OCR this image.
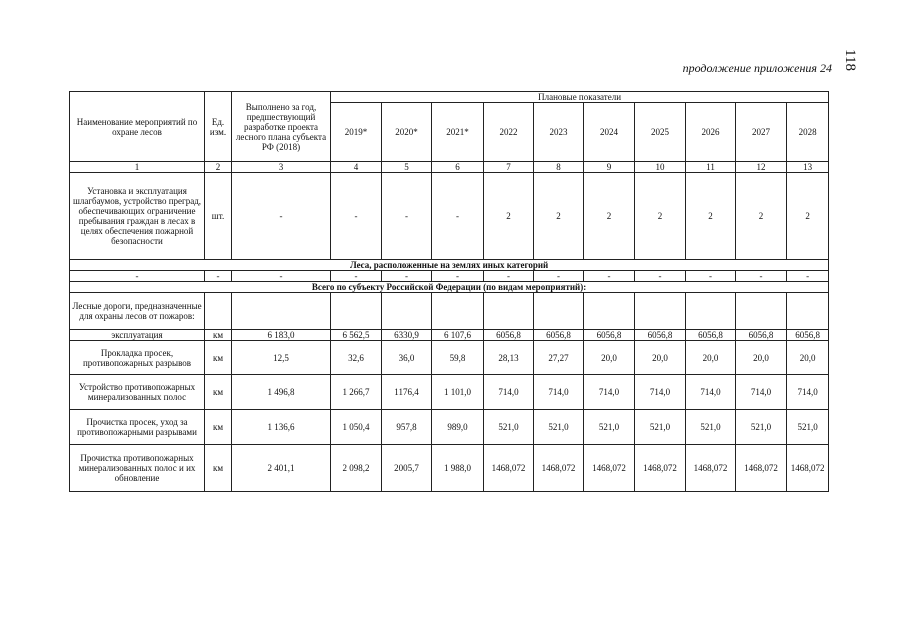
118
продолжение приложения 24
Наименование мероприятий по охране лесов	Ед. изм.	Выполнено за год, предшествующий разработке проекта лесного плана субъекта РФ (2018)	Плановые показатели									
			2019*	2020*	2021*	2022	2023	2024	2025	2026	2027	2028
1	2	3	4	5	6	7	8	9	10	11	12	13
Установка и эксплуатация шлагбаумов, устройство преград, обеспечивающих ограничение пребывания граждан в лесах в целях обеспечения пожарной безопасности	шт.	-	-	-	-	2	2	2	2	2	2	2
Леса, расположенные на землях иных категорий												
-	-	-	-	-	-	-	-	-	-	-	-	-
Всего по субъекту Российской Федерации (по видам мероприятий):												
Лесные дороги, предназначенные для охраны лесов от пожаров:												
эксплуатация	км	6 183,0	6 562,5	6330,9	6 107,6	6056,8	6056,8	6056,8	6056,8	6056,8	6056,8	6056,8
Прокладка просек, противопожарных разрывов	км	12,5	32,6	36,0	59,8	28,13	27,27	20,0	20,0	20,0	20,0	20,0
Устройство противопожарных минерализованных полос	км	1 496,8	1 266,7	1176,4	1 101,0	714,0	714,0	714,0	714,0	714,0	714,0	714,0
Прочистка просек, уход за противопожарными разрывами	км	1 136,6	1 050,4	957,8	989,0	521,0	521,0	521,0	521,0	521,0	521,0	521,0
Прочистка противопожарных минерализованных полос и их обновление	км	2 401,1	2 098,2	2005,7	1 988,0	1468,072	1468,072	1468,072	1468,072	1468,072	1468,072	1468,072
